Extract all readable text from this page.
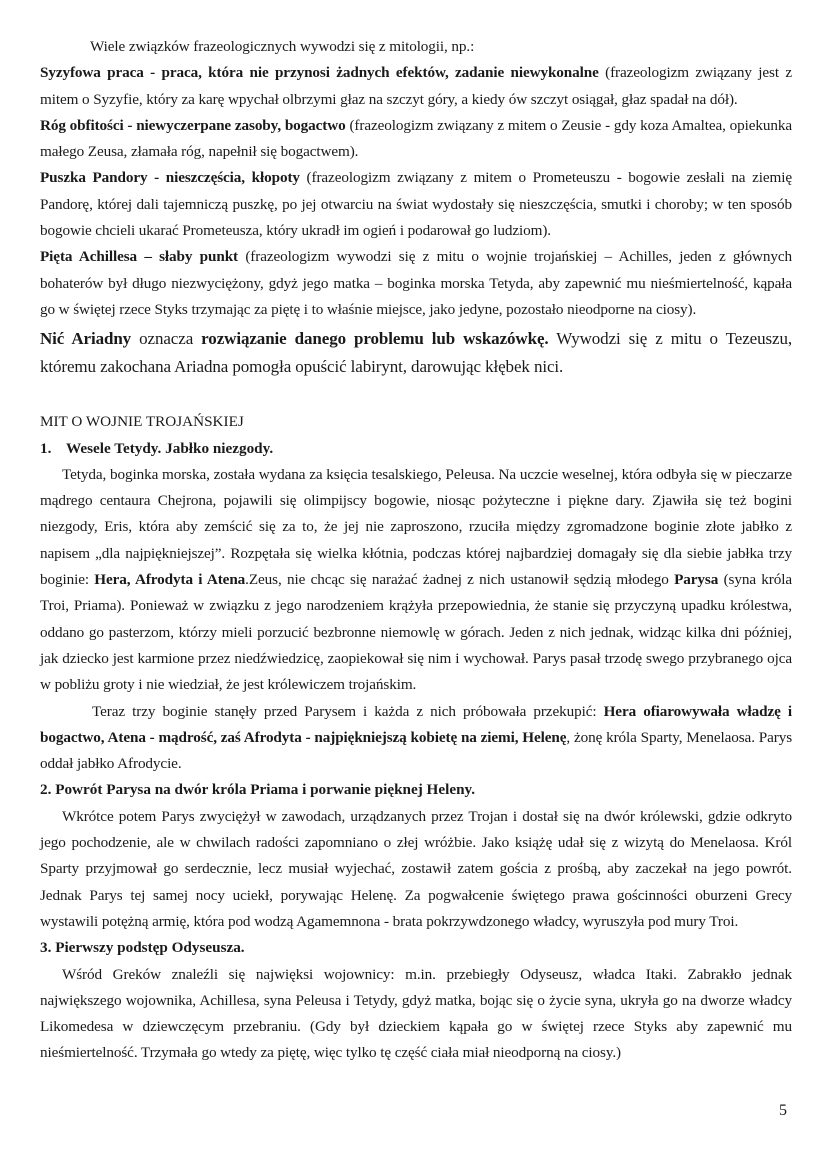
Wiele związków frazeologicznych wywodzi się z mitologii, np.:

Syzyfowa praca - praca, która nie przynosi żadnych efektów, zadanie niewykonalne (frazeologizm związany jest z mitem o Syzyfie, który za karę wpychał olbrzymi głaz na szczyt góry, a kiedy ów szczyt osiągał, głaz spadał na dół).

Róg obfitości - niewyczerpane zasoby, bogactwo (frazeologizm związany z mitem o Zeusie - gdy koza Amaltea, opiekunka małego Zeusa, złamała róg, napełnił się bogactwem).

Puszka Pandory - nieszczęścia, kłopoty (frazeologizm związany z mitem o Prometeuszu - bogowie zesłali na ziemię Pandorę, której dali tajemniczą puszkę, po jej otwarciu na świat wydostały się nieszczęścia, smutki i choroby; w ten sposób bogowie chcieli ukarać Prometeusza, który ukradł im ogień i podarował go ludziom).

Pięta Achillesa – słaby punkt (frazeologizm wywodzi się z mitu o wojnie trojańskiej – Achilles, jeden z głównych bohaterów był długo niezwyciężony, gdyż jego matka – boginka morska Tetyda, aby zapewnić mu nieśmiertelność, kąpała go w świętej rzece Styks trzymając za piętę i to właśnie miejsce, jako jedyne, pozostało nieodporne na ciosy).

Nić Ariadny oznacza rozwiązanie danego problemu lub wskazówkę. Wywodzi się z mitu o Tezeuszu, któremu zakochana Ariadna pomogła opuścić labirynt, darowując kłębek nici.

MIT O WOJNIE TROJAŃSKIEJ

1. Wesele Tetydy. Jabłko niezgody.

Tetyda, boginka morska, została wydana za księcia tesalskiego, Peleusa. Na uczcie weselnej, która odbyła się w pieczarze mądrego centaura Chejrona, pojawili się olimpijscy bogowie, niosąc pożyteczne i piękne dary. Zjawiła się też bogini niezgody, Eris, która aby zemścić się za to, że jej nie zaproszono, rzuciła między zgromadzone boginie złote jabłko z napisem „dla najpiękniejszej”. Rozpętała się wielka kłótnia, podczas której najbardziej domagały się dla siebie jabłka trzy boginie: Hera, Afrodyta i Atena.Zeus, nie chcąc się narażać żadnej z nich ustanowił sędzią młodego Parysa (syna króla Troi, Priama). Ponieważ w związku z jego narodzeniem krążyła przepowiednia, że stanie się przyczyną upadku królestwa, oddano go pasterzom, którzy mieli porzucić bezbronne niemowlę w górach. Jeden z nich jednak, widząc kilka dni później, jak dziecko jest karmione przez niedźwiedzicę, zaopiekował się nim i wychował. Parys pasał trzodę swego przybranego ojca w pobliżu groty i nie wiedział, że jest królewiczem trojańskim.

Teraz trzy boginie stanęły przed Parysem i każda z nich próbowała przekupić: Hera ofiarowywała władzę i bogactwo, Atena - mądrość, zaś Afrodyta - najpiękniejszą kobietę na ziemi, Helenę, żonę króla Sparty, Menelaosa. Parys oddał jabłko Afrodycie.

2. Powrót Parysa na dwór króla Priama i porwanie pięknej Heleny.

Wkrótce potem Parys zwyciężył w zawodach, urządzanych przez Trojan i dostał się na dwór królewski, gdzie odkryto jego pochodzenie, ale w chwilach radości zapomniano o złej wróżbie. Jako książę udał się z wizytą do Menelaosa. Król Sparty przyjmował go serdecznie, lecz musiał wyjechać, zostawił zatem gościa z prośbą, aby zaczekał na jego powrót. Jednak Parys tej samej nocy uciekł, porywając Helenę. Za pogwałcenie świętego prawa gościnności oburzeni Grecy wystawili potężną armię, która pod wodzą Agamemnona - brata pokrzywdzonego władcy, wyruszyła pod mury Troi.

3. Pierwszy podstęp Odyseusza.

Wśród Greków znaleźli się najwięksi wojownicy: m.in. przebiegły Odyseusz, władca Itaki. Zabrakło jednak największego wojownika, Achillesa, syna Peleusa i Tetydy, gdyż matka, bojąc się o życie syna, ukryła go na dworze władcy Likomedesa w dziewczęcym przebraniu. (Gdy był dzieckiem kąpała go w świętej rzece Styks aby zapewnić mu nieśmiertelność. Trzymała go wtedy za piętę, więc tylko tę część ciała miał nieodporną na ciosy.)

5
